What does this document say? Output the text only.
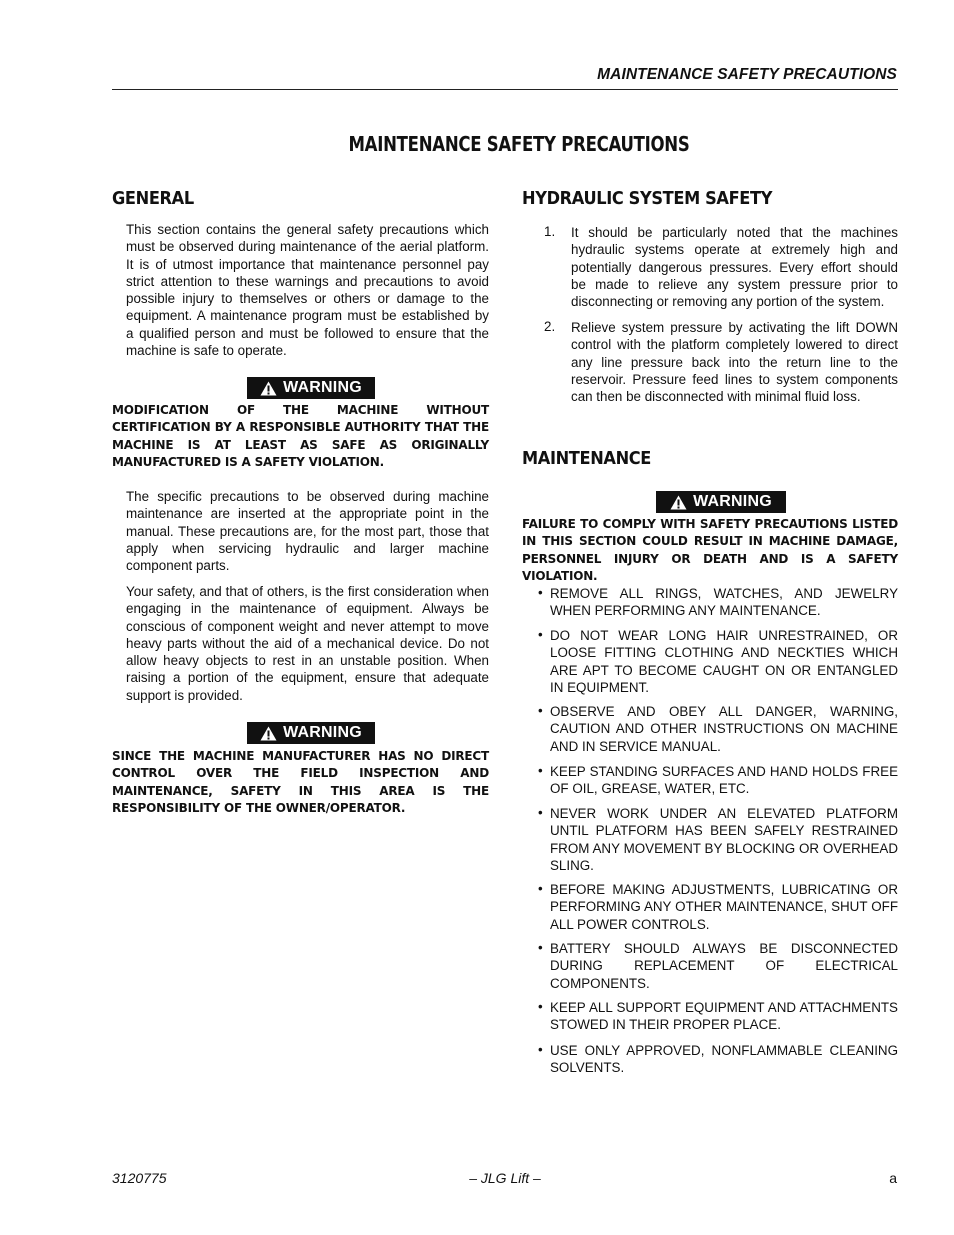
MAINTENANCE SAFETY PRECAUTIONS
MAINTENANCE SAFETY PRECAUTIONS
GENERAL

This section contains the general safety precautions which must be observed during maintenance of the aerial platform. It is of utmost importance that maintenance personnel pay strict attention to these warnings and precautions to avoid possible injury to themselves or others or damage to the equipment. A maintenance program must be established by a qualified person and must be followed to ensure that the machine is safe to operate.

WARNING

MODIFICATION OF THE MACHINE WITHOUT CERTIFICATION BY A RESPONSIBLE AUTHORITY THAT THE MACHINE IS AT LEAST AS SAFE AS ORIGINALLY MANUFACTURED IS A SAFETY VIOLATION.

The specific precautions to be observed during machine maintenance are inserted at the appropriate point in the manual. These precautions are, for the most part, those that apply when servicing hydraulic and larger machine component parts.

Your safety, and that of others, is the first consideration when engaging in the maintenance of equipment. Always be conscious of component weight and never attempt to move heavy parts without the aid of a mechanical device. Do not allow heavy objects to rest in an unstable position. When raising a portion of the equipment, ensure that adequate support is provided.

WARNING

SINCE THE MACHINE MANUFACTURER HAS NO DIRECT CONTROL OVER THE FIELD INSPECTION AND MAINTENANCE, SAFETY IN THIS AREA IS THE RESPONSIBILITY OF THE OWNER/OPERATOR.

HYDRAULIC SYSTEM SAFETY
1. It should be particularly noted that the machines hydraulic systems operate at extremely high and potentially dangerous pressures. Every effort should be made to relieve any system pressure prior to disconnecting or removing any portion of the system.

2. Relieve system pressure by activating the lift DOWN control with the platform completely lowered to direct any line pressure back into the return line to the reservoir. Pressure feed lines to system components can then be disconnected with minimal fluid loss.

MAINTENANCE
WARNING

FAILURE TO COMPLY WITH SAFETY PRECAUTIONS LISTED IN THIS SECTION COULD RESULT IN MACHINE DAMAGE, PERSONNEL INJURY OR DEATH AND IS A SAFETY VIOLATION.

• REMOVE ALL RINGS, WATCHES, AND JEWELRY WHEN PERFORMING ANY MAINTENANCE.

• DO NOT WEAR LONG HAIR UNRESTRAINED, OR LOOSE FITTING CLOTHING AND NECKTIES WHICH ARE APT TO BECOME CAUGHT ON OR ENTANGLED IN EQUIPMENT.

• OBSERVE AND OBEY ALL DANGER, WARNING, CAUTION AND OTHER INSTRUCTIONS ON MACHINE AND IN SERVICE MANUAL.

• KEEP STANDING SURFACES AND HAND HOLDS FREE OF OIL, GREASE, WATER, ETC.

• NEVER WORK UNDER AN ELEVATED PLATFORM UNTIL PLATFORM HAS BEEN SAFELY RESTRAINED FROM ANY MOVEMENT BY BLOCKING OR OVERHEAD SLING.

• BEFORE MAKING ADJUSTMENTS, LUBRICATING OR PERFORMING ANY OTHER MAINTENANCE, SHUT OFF ALL POWER CONTROLS.

• BATTERY SHOULD ALWAYS BE DISCONNECTED DURING REPLACEMENT OF ELECTRICAL COMPONENTS.

• KEEP ALL SUPPORT EQUIPMENT AND ATTACHMENTS STOWED IN THEIR PROPER PLACE.

• USE ONLY APPROVED, NONFLAMMABLE CLEANING SOLVENTS.

3120775	– JLG Lift –	a
